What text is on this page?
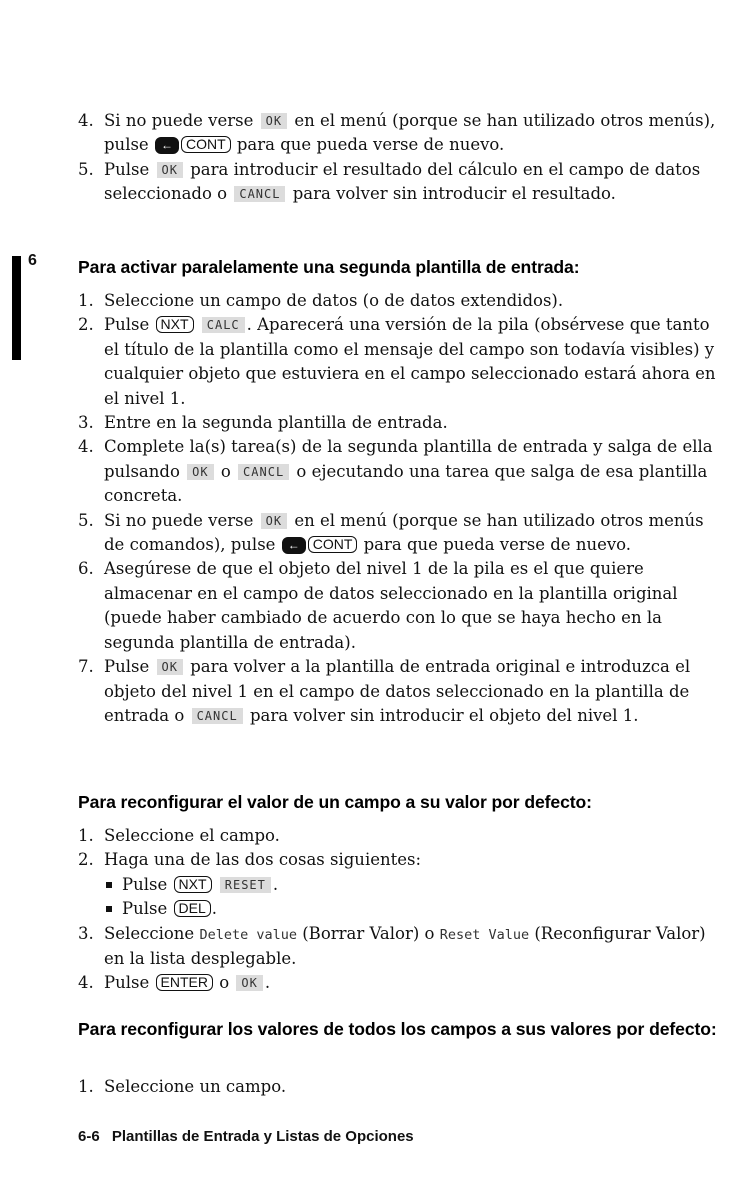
6
4. Si no puede verse OK en el menú (porque se han utilizado otros menús), pulse ← CONT para que pueda verse de nuevo.
5. Pulse OK para introducir el resultado del cálculo en el campo de datos seleccionado o CANCL para volver sin introducir el resultado.
Para activar paralelamente una segunda plantilla de entrada:
1. Seleccione un campo de datos (o de datos extendidos).
2. Pulse NXT CALC . Aparecerá una versión de la pila (obsérvese que tanto el título de la plantilla como el mensaje del campo son todavía visibles) y cualquier objeto que estuviera en el campo seleccionado estará ahora en el nivel 1.
3. Entre en la segunda plantilla de entrada.
4. Complete la(s) tarea(s) de la segunda plantilla de entrada y salga de ella pulsando OK o CANCL o ejecutando una tarea que salga de esa plantilla concreta.
5. Si no puede verse OK en el menú (porque se han utilizado otros menús de comandos), pulse ← CONT para que pueda verse de nuevo.
6. Asegúrese de que el objeto del nivel 1 de la pila es el que quiere almacenar en el campo de datos seleccionado en la plantilla original (puede haber cambiado de acuerdo con lo que se haya hecho en la segunda plantilla de entrada).
7. Pulse OK para volver a la plantilla de entrada original e introduzca el objeto del nivel 1 en el campo de datos seleccionado en la plantilla de entrada o CANCL para volver sin introducir el objeto del nivel 1.
Para reconfigurar el valor de un campo a su valor por defecto:
1. Seleccione el campo.
2. Haga una de las dos cosas siguientes:
Pulse NXT RESET .
Pulse DEL .
3. Seleccione Delete value (Borrar Valor) o Reset Value (Reconfigurar Valor) en la lista desplegable.
4. Pulse ENTER o OK .
Para reconfigurar los valores de todos los campos a sus valores por defecto:
1. Seleccione un campo.
6-6 Plantillas de Entrada y Listas de Opciones
